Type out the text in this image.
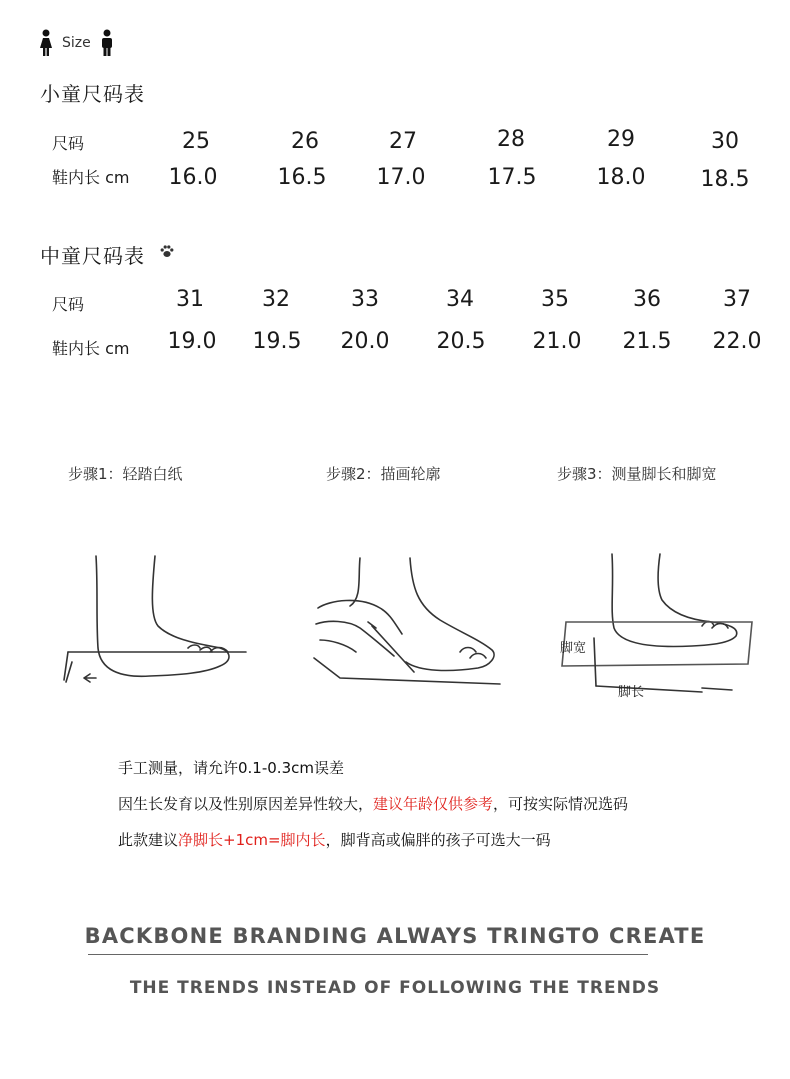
Size
小童尺码表
尺码
鞋内长 cm
25	26	27	28	29	30
16.0	16.5 17.0	17.5	18.0	18.5
中童尺码表
尺码
鞋内长 cm
31	32	33	34	35	36	37
19.0 19.5 20.0 20.5 21.0 21.5 22.0
步骤1：轻踏白纸	步骤2：描画轮廓	步骤3：测量脚长和脚宽
脚宽
脚长
手工测量，请允许0.1-0.3cm误差
因生长发育以及性别原因差异性较大，建议年龄仅供参考，可按实际情况选码
此款建议净脚长+1cm=脚内长，脚背高或偏胖的孩子可选大一码
BACKBONE BRANDING ALWAYS TRINGTO CREATE
THE TRENDS INSTEAD OF FOLLOWING THE TRENDS
